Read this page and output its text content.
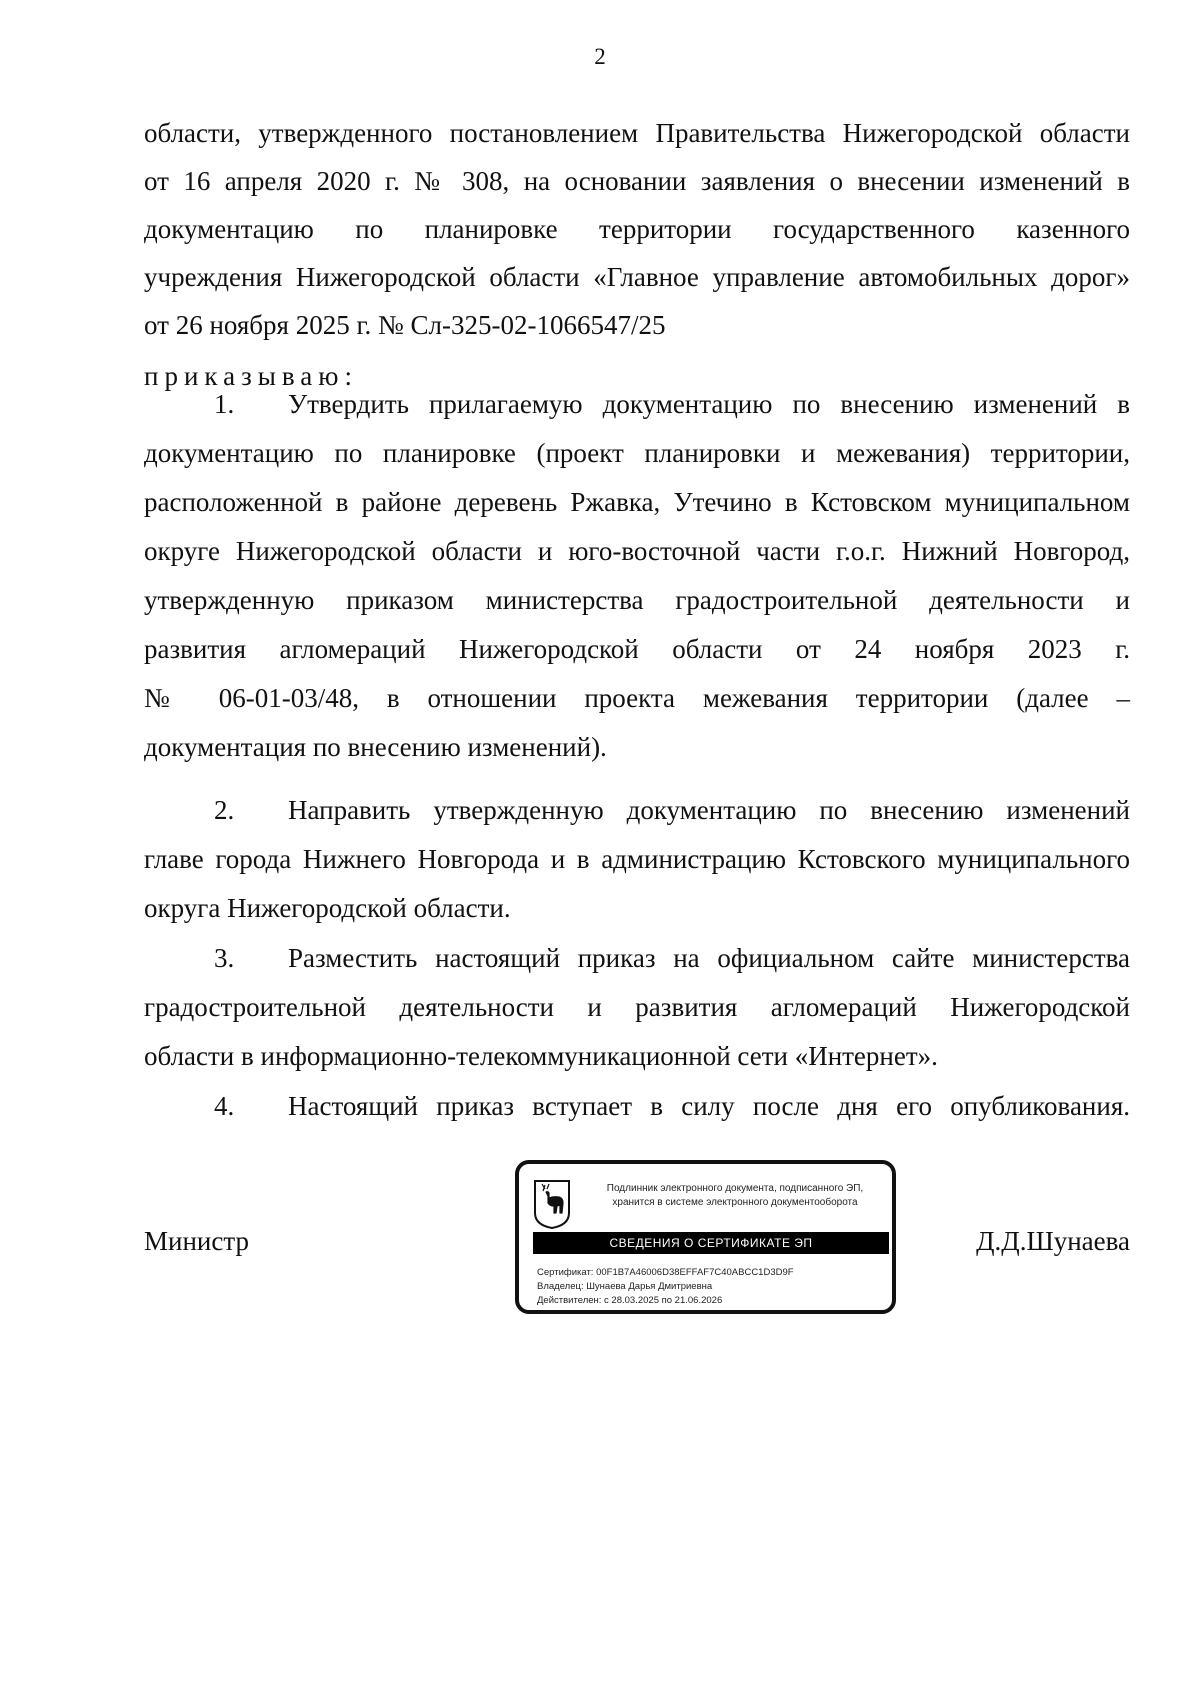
2
области, утвержденного постановлением Правительства Нижегородской области
от 16 апреля 2020 г. № 308, на основании заявления о внесении изменений в
документацию по планировке территории государственного казенного
учреждения Нижегородской области «Главное управление автомобильных дорог»
от 26 ноября 2025 г. № Сл-325-02-1066547/25
приказываю:
1. Утвердить прилагаемую документацию по внесению изменений в
документацию по планировке (проект планировки и межевания) территории,
расположенной в районе деревень Ржавка, Утечино в Кстовском муниципальном
округе Нижегородской области и юго-восточной части г.о.г. Нижний Новгород,
утвержденную приказом министерства градостроительной деятельности и
развития агломераций Нижегородской области от 24 ноября 2023 г.
№ 06-01-03/48, в отношении проекта межевания территории (далее –
документация по внесению изменений).
2. Направить утвержденную документацию по внесению изменений
главе города Нижнего Новгорода и в администрацию Кстовского муниципального
округа Нижегородской области.
3. Разместить настоящий приказ на официальном сайте министерства
градостроительной деятельности и развития агломераций Нижегородской
области в информационно-телекоммуникационной сети «Интернет».
4. Настоящий приказ вступает в силу после дня его опубликования.
Министр	Д.Д.Шунаева
Подлинник электронного документа, подписанного ЭП,
хранится в системе электронного документооборота
СВЕДЕНИЯ О СЕРТИФИКАТЕ ЭП
Сертификат: 00F1B7A46006D38EFFAF7C40ABCC1D3D9F
Владелец: Шунаева Дарья Дмитриевна
Действителен: с 28.03.2025 по 21.06.2026
